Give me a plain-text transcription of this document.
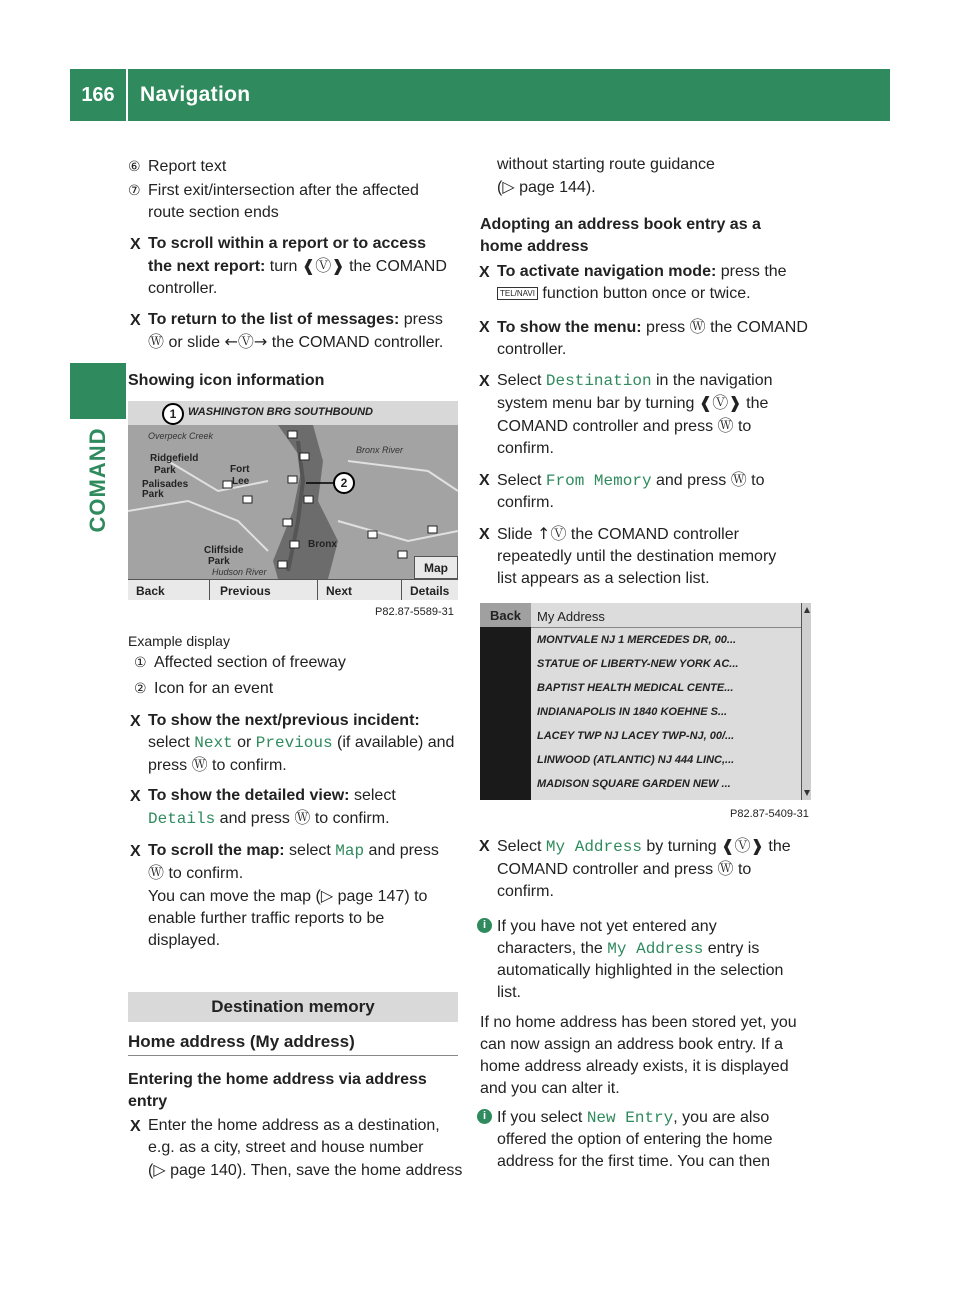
166	Navigation
COMAND
⑥ Report text
⑦ First exit/intersection after the affected
route section ends
X To scroll within a report or to access
the next report: turn ❰Ⓥ❱ the COMAND
controller.
X To return to the list of messages: press
Ⓦ or slide ←Ⓥ→ the COMAND controller.
Showing icon information
WASHINGTON BRG SOUTHBOUND
1
2
Overpeck Creek
Bronx River
Ridgefield
Park
Palisades
Park
Fort
Lee
Bronx
Cliffside
Park
Hudson River	Map
Back	Previous	Next	Details
P82.87-5589-31
Example display
① Affected section of freeway
② Icon for an event
X To show the next/previous incident:
select Next or Previous (if available) and
press Ⓦ to confirm.
X To show the detailed view: select
Details and press Ⓦ to confirm.
X To scroll the map: select Map and press
Ⓦ to confirm.
You can move the map (▷ page 147) to
enable further traffic reports to be
displayed.
Destination memory
Home address (My address)
Entering the home address via address
entry
X Enter the home address as a destination,
e.g. as a city, street and house number
(▷ page 140). Then, save the home address
without starting route guidance
(▷ page 144).
Adopting an address book entry as a
home address
X To activate navigation mode: press the
TEL/NAVI function button once or twice.
X To show the menu: press Ⓦ the COMAND
controller.
X Select Destination in the navigation
system menu bar by turning ❰Ⓥ❱ the
COMAND controller and press Ⓦ to
confirm.
X Select From Memory and press Ⓦ to
confirm.
X Slide ↑Ⓥ the COMAND controller
repeatedly until the destination memory
list appears as a selection list.
Back	My Address
MONTVALE NJ 1 MERCEDES DR, 00...
STATUE OF LIBERTY-NEW YORK AC...
BAPTIST HEALTH MEDICAL CENTE...
INDIANAPOLIS IN 1840 KOEHNE S...
LACEY TWP NJ LACEY TWP-NJ, 00/...
LINWOOD (ATLANTIC) NJ 444 LINC,...
MADISON SQUARE GARDEN NEW ...
P82.87-5409-31
X Select My Address by turning ❰Ⓥ❱ the
COMAND controller and press Ⓦ to
confirm.
i If you have not yet entered any
characters, the My Address entry is
automatically highlighted in the selection
list.
If no home address has been stored yet, you
can now assign an address book entry. If a
home address already exists, it is displayed
and you can alter it.
i If you select New Entry, you are also
offered the option of entering the home
address for the first time. You can then
